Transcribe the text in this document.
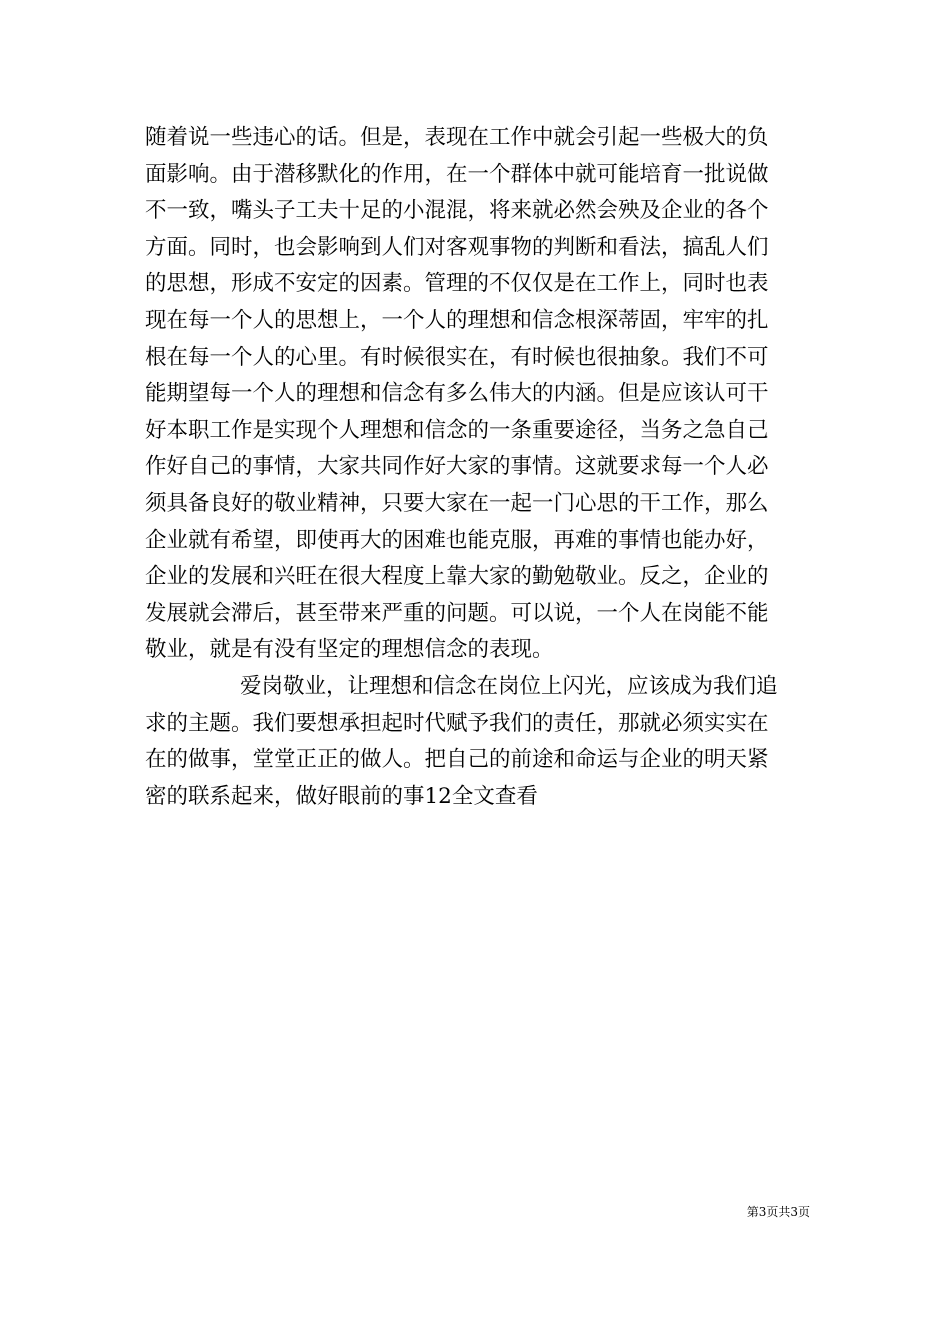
随着说一些违心的话。但是，表现在工作中就会引起一些极大的负
面影响。由于潜移默化的作用，在一个群体中就可能培育一批说做
不一致，嘴头子工夫十足的小混混，将来就必然会殃及企业的各个
方面。同时，也会影响到人们对客观事物的判断和看法，搞乱人们
的思想，形成不安定的因素。管理的不仅仅是在工作上，同时也表
现在每一个人的思想上，一个人的理想和信念根深蒂固，牢牢的扎
根在每一个人的心里。有时候很实在，有时候也很抽象。我们不可
能期望每一个人的理想和信念有多么伟大的内涵。但是应该认可干
好本职工作是实现个人理想和信念的一条重要途径，当务之急自己
作好自己的事情，大家共同作好大家的事情。这就要求每一个人必
须具备良好的敬业精神，只要大家在一起一门心思的干工作，那么
企业就有希望，即使再大的困难也能克服，再难的事情也能办好，
企业的发展和兴旺在很大程度上靠大家的勤勉敬业。反之，企业的
发展就会滞后，甚至带来严重的问题。可以说，一个人在岗能不能
敬业，就是有没有坚定的理想信念的表现。
爱岗敬业，让理想和信念在岗位上闪光，应该成为我们追
求的主题。我们要想承担起时代赋予我们的责任，那就必须实实在
在的做事，堂堂正正的做人。把自己的前途和命运与企业的明天紧
密的联系起来，做好眼前的事12全文查看
第3页共3页
